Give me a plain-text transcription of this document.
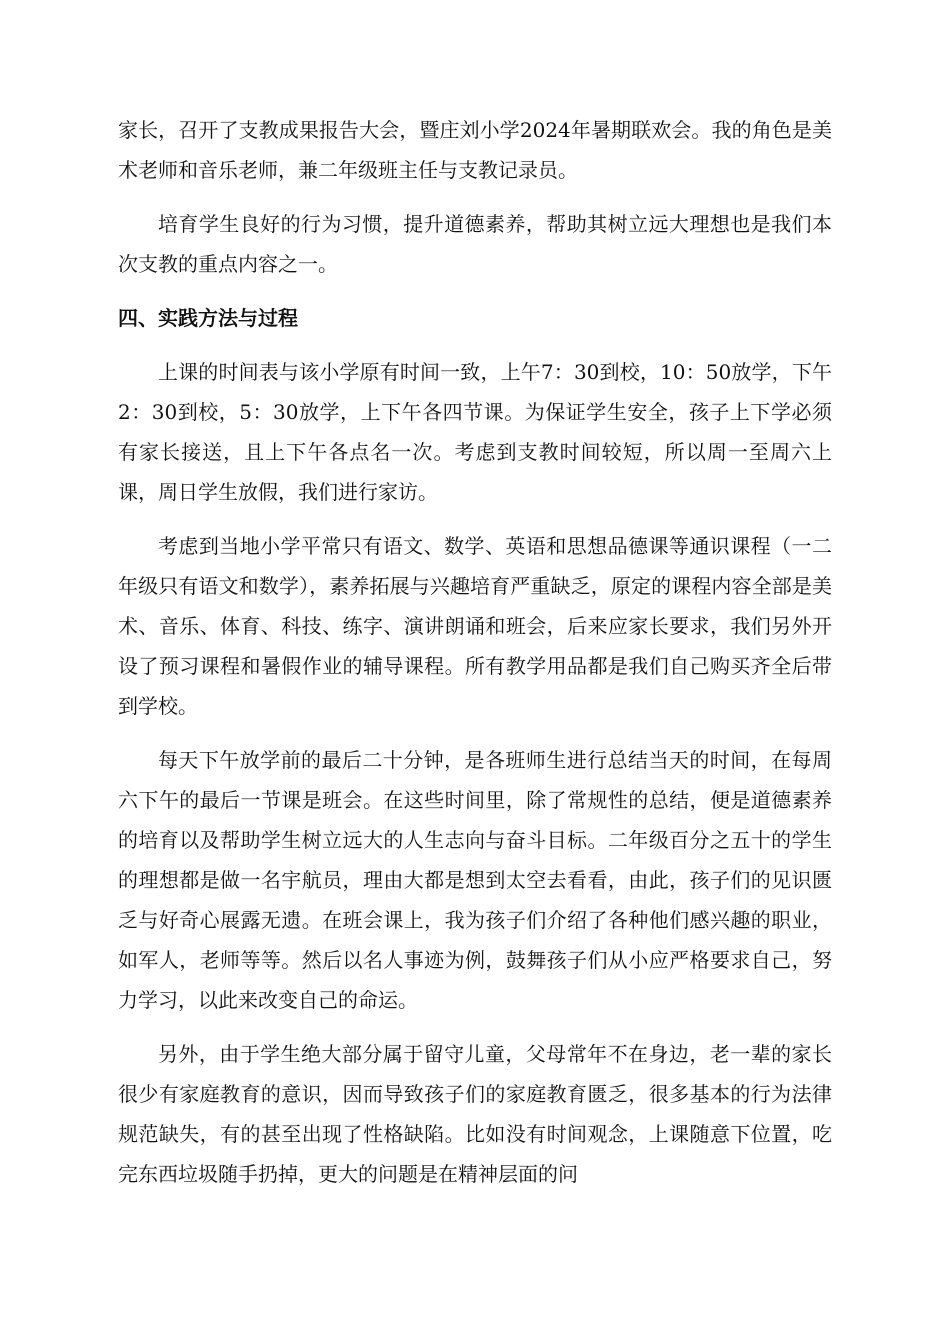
家长，召开了支教成果报告大会，暨庄刘小学2024年暑期联欢会。我的角色是美术老师和音乐老师，兼二年级班主任与支教记录员。

培育学生良好的行为习惯，提升道德素养，帮助其树立远大理想也是我们本次支教的重点内容之一。

四、实践方法与过程

上课的时间表与该小学原有时间一致，上午7：30到校，10：50放学，下午2：30到校，5：30放学，上下午各四节课。为保证学生安全，孩子上下学必须有家长接送，且上下午各点名一次。考虑到支教时间较短，所以周一至周六上课，周日学生放假，我们进行家访。

考虑到当地小学平常只有语文、数学、英语和思想品德课等通识课程（一二年级只有语文和数学），素养拓展与兴趣培育严重缺乏，原定的课程内容全部是美术、音乐、体育、科技、练字、演讲朗诵和班会，后来应家长要求，我们另外开设了预习课程和暑假作业的辅导课程。所有教学用品都是我们自己购买齐全后带到学校。

每天下午放学前的最后二十分钟，是各班师生进行总结当天的时间，在每周六下午的最后一节课是班会。在这些时间里，除了常规性的总结，便是道德素养的培育以及帮助学生树立远大的人生志向与奋斗目标。二年级百分之五十的学生的理想都是做一名宇航员，理由大都是想到太空去看看，由此，孩子们的见识匮乏与好奇心展露无遗。在班会课上，我为孩子们介绍了各种他们感兴趣的职业，如军人，老师等等。然后以名人事迹为例，鼓舞孩子们从小应严格要求自己，努力学习，以此来改变自己的命运。

另外，由于学生绝大部分属于留守儿童，父母常年不在身边，老一辈的家长很少有家庭教育的意识，因而导致孩子们的家庭教育匮乏，很多基本的行为法律规范缺失，有的甚至出现了性格缺陷。比如没有时间观念，上课随意下位置，吃完东西垃圾随手扔掉，更大的问题是在精神层面的问
